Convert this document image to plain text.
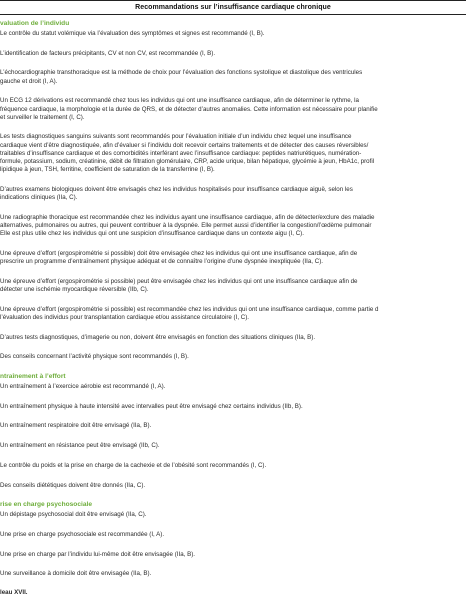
Recommandations sur l’insuffisance cardiaque chronique
valuation de l’individu
Le contrôle du statut volémique via l’évaluation des symptômes et signes est recommandé (I, B).
L’identification de facteurs précipitants, CV et non CV, est recommandée (I, B).
L’échocardiographie transthoracique est la méthode de choix pour l’évaluation des fonctions systolique et diastolique des ventricules
gauche et droit (I, A).
Un ECG 12 dérivations est recommandé chez tous les individus qui ont une insuffisance cardiaque, afin de déterminer le rythme, la
fréquence cardiaque, la morphologie et la durée de QRS, et de détecter d’autres anomalies. Cette information est nécessaire pour planifie
et surveiller le traitement (I, C).
Les tests diagnostiques sanguins suivants sont recommandés pour l’évaluation initiale d’un individu chez lequel une insuffisance
cardiaque vient d’être diagnostiquée, afin d’évaluer si l’individu doit recevoir certains traitements et de détecter des causes réversibles/
traitables d’insuffisance cardiaque et des comorbidités interférant avec l’insuffisance cardiaque: peptides natriurétiques, numération-
formule, potassium, sodium, créatinine, débit de filtration glomérulaire, CRP, acide urique, bilan hépatique, glycémie à jeun, HbA1c, profil
lipidique à jeun, TSH, ferritine, coefficient de saturation de la transferrine (I, B).
D’autres examens biologiques doivent être envisagés chez les individus hospitalisés pour insuffisance cardiaque aiguë, selon les
indications cliniques (IIa, C).
Une radiographie thoracique est recommandée chez les individus ayant une insuffisance cardiaque, afin de détecter/exclure des maladie
alternatives, pulmonaires ou autres, qui peuvent contribuer à la dyspnée. Elle permet aussi d’identifier la congestion/l’œdème pulmonair
Elle est plus utile chez les individus qui ont une suspicion d’insuffisance cardiaque dans un contexte aigu (I, C).
Une épreuve d’effort (ergospirométrie si possible) doit être envisagée chez les individus qui ont une insuffisance cardiaque, afin de
prescrire un programme d’entraînement physique adéquat et de connaître l’origine d’une dyspnée inexpliquée (IIa, C).
Une épreuve d’effort (ergospirométrie si possible) peut être envisagée chez les individus qui ont une insuffisance cardiaque afin de
détecter une ischémie myocardique réversible (IIb, C).
Une épreuve d’effort (ergospirométrie si possible) est recommandée chez les individus qui ont une insuffisance cardiaque, comme partie d
l’évaluation des individus pour transplantation cardiaque et/ou assistance circulatoire (I, C).
D’autres tests diagnostiques, d’imagerie ou non, doivent être envisagés en fonction des situations cliniques (IIa, B).
Des conseils concernant l’activité physique sont recommandés (I, B).
ntraînement à l’effort
Un entraînement à l’exercice aérobie est recommandé (I, A).
Un entraînement physique à haute intensité avec intervalles peut être envisagé chez certains individus (IIb, B).
Un entraînement respiratoire doit être envisagé (IIa, B).
Un entraînement en résistance peut être envisagé (IIb, C).
Le contrôle du poids et la prise en charge de la cachexie et de l’obésité sont recommandés (I, C).
Des conseils diététiques doivent être donnés (IIa, C).
rise en charge psychosociale
Un dépistage psychosocial doit être envisagé (IIa, C).
Une prise en charge psychosociale est recommandée (I, A).
Une prise en charge par l’individu lui-même doit être envisagée (IIa, B).
Une surveillance à domicile doit être envisagée (IIa, B).
leau XVII.
